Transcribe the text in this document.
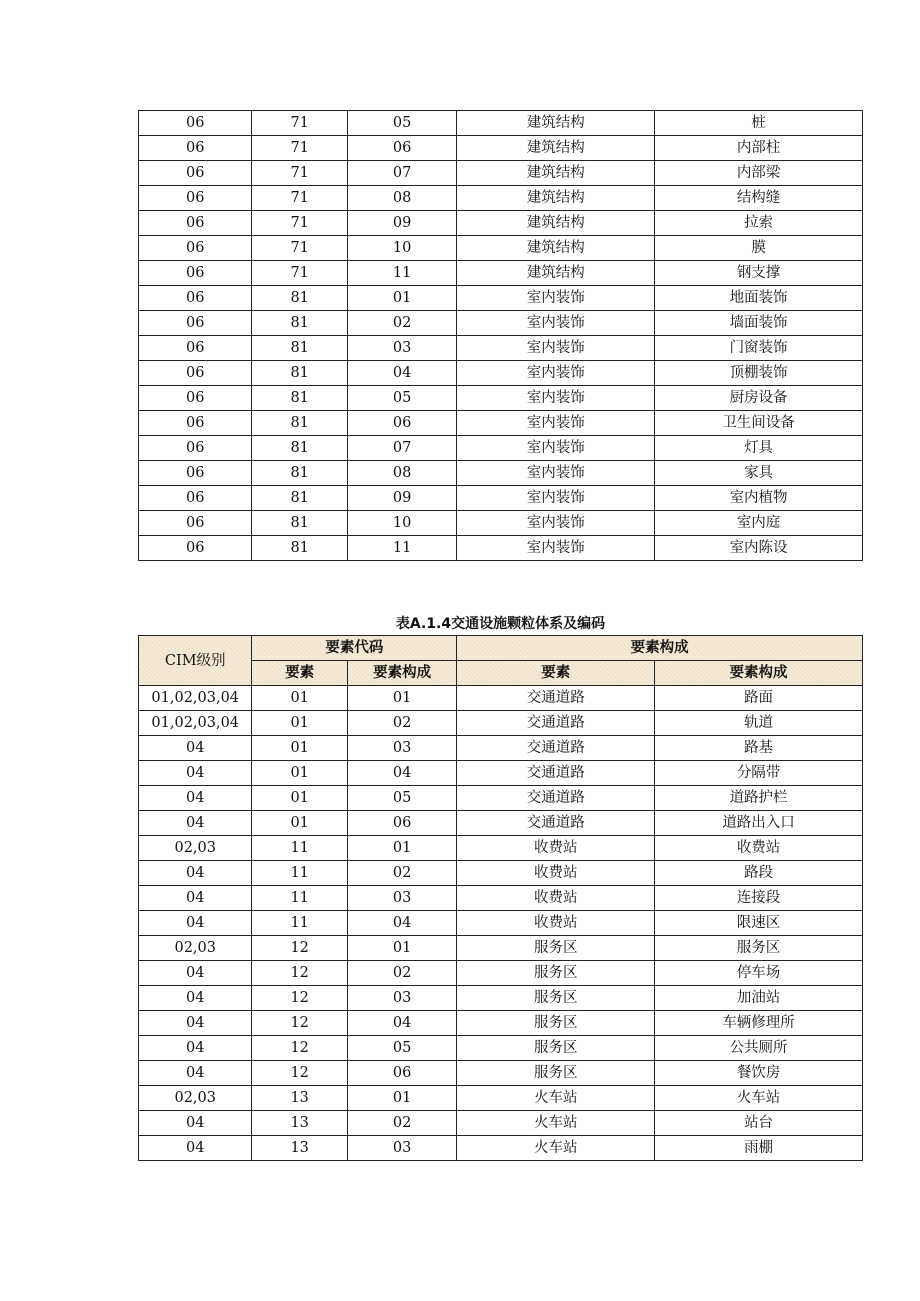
06	71	05	建筑结构	桩
06	71	06	建筑结构	内部柱
06	71	07	建筑结构	内部梁
06	71	08	建筑结构	结构缝
06	71	09	建筑结构	拉索
06	71	10	建筑结构	膜
06	71	11	建筑结构	钢支撑
06	81	01	室内装饰	地面装饰
06	81	02	室内装饰	墙面装饰
06	81	03	室内装饰	门窗装饰
06	81	04	室内装饰	顶棚装饰
06	81	05	室内装饰	厨房设备
06	81	06	室内装饰	卫生间设备
06	81	07	室内装饰	灯具
06	81	08	室内装饰	家具
06	81	09	室内装饰	室内植物
06	81	10	室内装饰	室内庭
06	81	11	室内装饰	室内陈设
表A.1.4交通设施颗粒体系及编码
CIM级别	要素代码		要素构成	
	要素	要素构成	要素	要素构成
01,02,03,04	01	01	交通道路	路面
01,02,03,04	01	02	交通道路	轨道
04	01	03	交通道路	路基
04	01	04	交通道路	分隔带
04	01	05	交通道路	道路护栏
04	01	06	交通道路	道路出入口
02,03	11	01	收费站	收费站
04	11	02	收费站	路段
04	11	03	收费站	连接段
04	11	04	收费站	限速区
02,03	12	01	服务区	服务区
04	12	02	服务区	停车场
04	12	03	服务区	加油站
04	12	04	服务区	车辆修理所
04	12	05	服务区	公共厕所
04	12	06	服务区	餐饮房
02,03	13	01	火车站	火车站
04	13	02	火车站	站台
04	13	03	火车站	雨棚
